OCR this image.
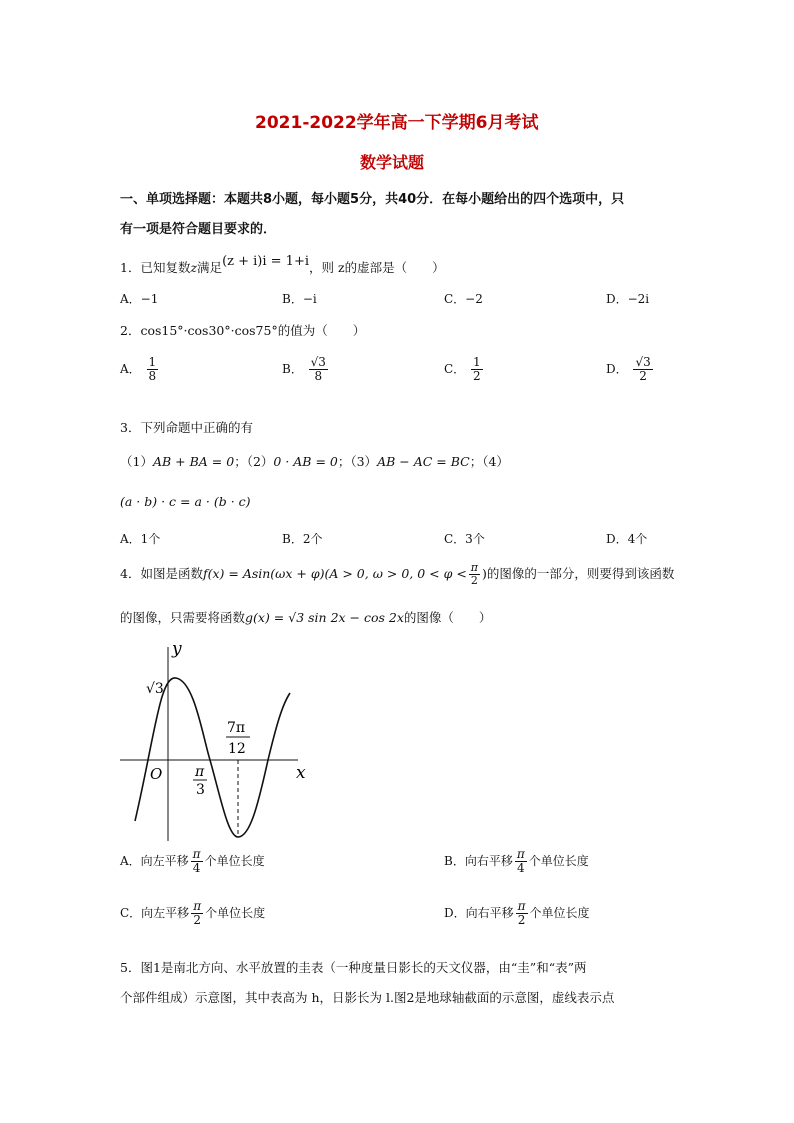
2021-2022学年高一下学期6月考试
数学试题
一、单项选择题：本题共8小题，每小题5分，共40分．在每小题给出的四个选项中，只
有一项是符合题目要求的．
1．已知复数z满足(z + i)i = 1+i，则 z的虚部是（　　）
A．−1	B．−i	C．−2	D．−2i
2．cos15°·cos30°·cos75°的值为（　　）
A． $\frac{1}{8}$	B． $\frac{√3}{8}$	C． $\frac{1}{2}$	D． $\frac{√3}{2}$
3．下列命题中正确的有
（1）AB + BA = 0；（2）0 · AB = 0；（3）AB − AC = BC；（4）
(a · b) · c = a · (b · c)
A．1个	B．2个	C．3个	D．4个
4．如图是函数f(x) = Asin(ωx + φ)(A > 0, ω > 0, $0 < \varphi < \frac{\pi}{2}$ )的图像的一部分，则要得到该函数
的图像，只需要将函数g(x) = √3 sin 2x − cos 2x的图像（　　）
y
x
O
√3
7π
12
π
3
A．向左平移 $\frac{\pi}{4}$ 个单位长度	B．向右平移 $\frac{\pi}{4}$ 个单位长度
C．向左平移 $\frac{\pi}{2}$ 个单位长度	D．向右平移 $\frac{\pi}{2}$ 个单位长度
5．图1是南北方向、水平放置的圭表（一种度量日影长的天文仪器，由“圭”和“表”两
个部件组成）示意图，其中表高为 h，日影长为 l.图2是地球轴截面的示意图，虚线表示点
